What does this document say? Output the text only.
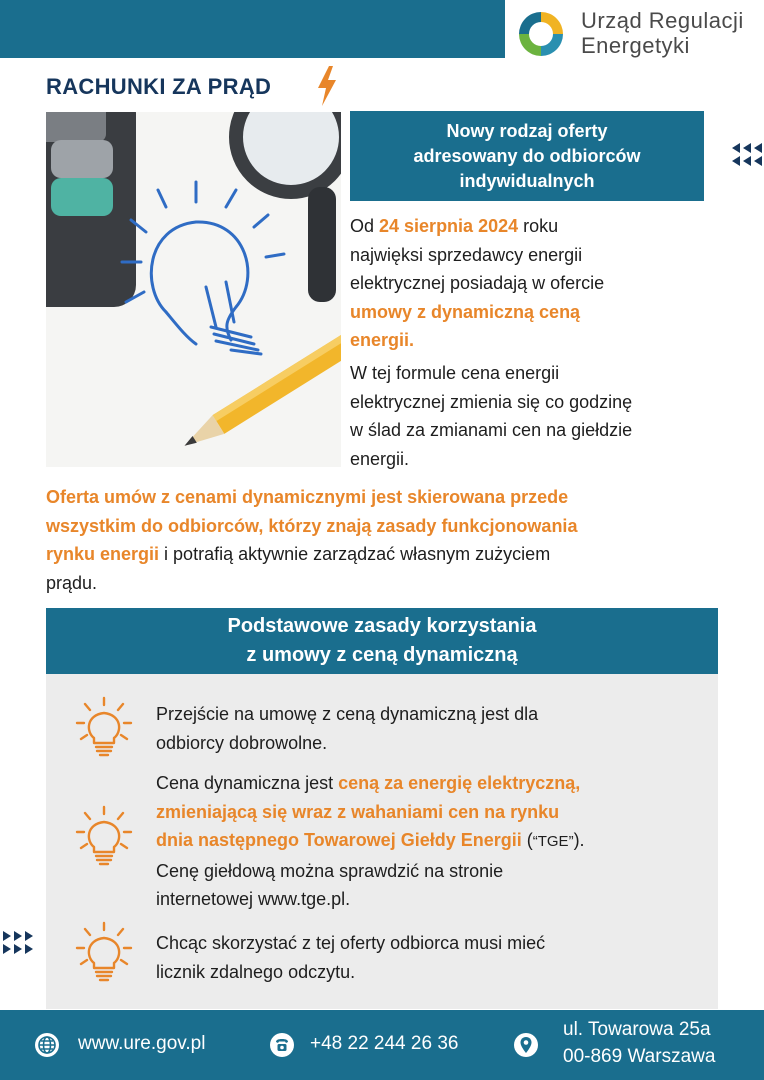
Urząd Regulacji
Energetyki
RACHUNKI ZA PRĄD
Nowy rodzaj oferty
adresowany do odbiorców
indywidualnych
Od 24 sierpnia 2024 roku
najwięksi sprzedawcy energii
elektrycznej posiadają w ofercie
umowy z dynamiczną ceną
energii.
W tej formule cena energii
elektrycznej zmienia się co godzinę
w ślad za zmianami cen na giełdzie
energii.
Oferta umów z cenami dynamicznymi jest skierowana przede
wszystkim do odbiorców, którzy znają zasady funkcjonowania
rynku energii i potrafią aktywnie zarządzać własnym zużyciem
prądu.
Podstawowe zasady korzystania
z umowy z ceną dynamiczną
Przejście na umowę z ceną dynamiczną jest dla
odbiorcy dobrowolne.
Cena dynamiczna jest ceną za energię elektryczną,
zmieniającą się wraz z wahaniami cen na rynku
dnia następnego Towarowej Giełdy Energii (“TGE”).
Cenę giełdową można sprawdzić na stronie
internetowej www.tge.pl.
Chcąc skorzystać z tej oferty odbiorca musi mieć
licznik zdalnego odczytu.
www.ure.gov.pl	+48 22 244 26 36
ul. Towarowa 25a
00-869 Warszawa
